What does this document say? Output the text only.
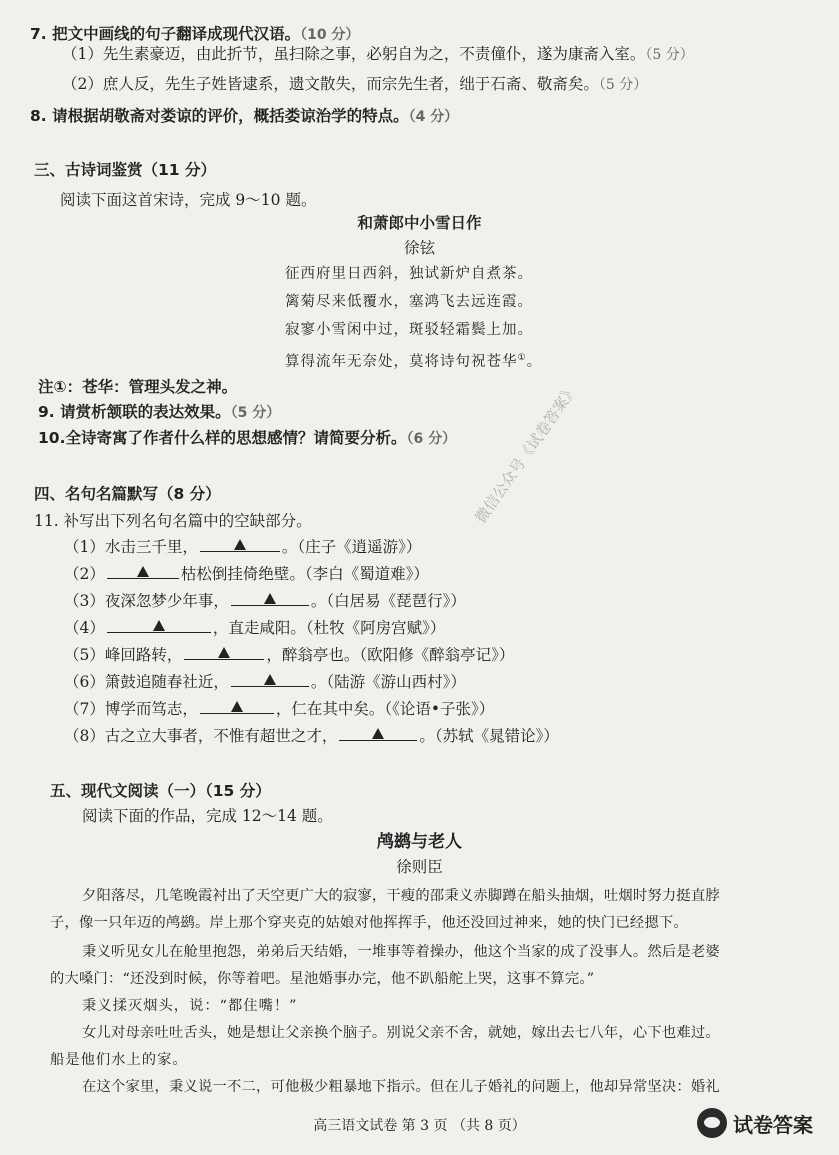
7. 把文中画线的句子翻译成现代汉语。（10 分）
（1）先生素豪迈，由此折节，虽扫除之事，必躬自为之，不责僮仆，遂为康斋入室。（5 分）
（2）庶人反，先生子姓皆逮系，遗文散失，而宗先生者，绌于石斋、敬斋矣。（5 分）
8. 请根据胡敬斋对娄谅的评价，概括娄谅治学的特点。（4 分）
三、古诗词鉴赏（11 分）
阅读下面这首宋诗，完成 9～10 题。
和萧郎中小雪日作
徐铉
征西府里日西斜，独试新炉自煮茶。
篱菊尽来低覆水，塞鸿飞去远连霞。
寂寥小雪闲中过，斑驳轻霜鬓上加。
算得流年无奈处，莫将诗句祝苍华①。
注①：苍华：管理头发之神。
9. 请赏析颔联的表达效果。（5 分）
10.全诗寄寓了作者什么样的思想感情？请简要分析。（6 分）
四、名句名篇默写（8 分）
11. 补写出下列名句名篇中的空缺部分。
（1）水击三千里，	。（庄子《逍遥游》）
（2）	枯松倒挂倚绝壁。（李白《蜀道难》）
（3）夜深忽梦少年事，	。（白居易《琵琶行》）
（4）	，直走咸阳。（杜牧《阿房宫赋》）
（5）峰回路转，	，醉翁亭也。（欧阳修《醉翁亭记》）
（6）箫鼓追随春社近，	。（陆游《游山西村》）
（7）博学而笃志，	，仁在其中矣。（《论语•子张》）
（8）古之立大事者，不惟有超世之才，	。（苏轼《晁错论》）
五、现代文阅读（一）（15 分）
阅读下面的作品，完成 12～14 题。
鸬鹚与老人
徐则臣
夕阳落尽，几笔晚霞衬出了天空更广大的寂寥，干瘦的邵秉义赤脚蹲在船头抽烟，吐烟时努力挺直脖
子，像一只年迈的鸬鹚。岸上那个穿夹克的姑娘对他挥挥手，他还没回过神来，她的快门已经摁下。
秉义听见女儿在舱里抱怨，弟弟后天结婚，一堆事等着操办，他这个当家的成了没事人。然后是老婆
的大嗓门：“还没到时候，你等着吧。星池婚事办完，他不趴船舵上哭，这事不算完。”
秉义揉灭烟头，说：“都住嘴！”
女儿对母亲吐吐舌头，她是想让父亲换个脑子。别说父亲不舍，就她，嫁出去七八年，心下也难过。
船是他们水上的家。
在这个家里，秉义说一不二，可他极少粗暴地下指示。但在儿子婚礼的问题上，他却异常坚决：婚礼
微信公众号《试卷答案》
高三语文试卷 第 3 页 （共 8 页）	试卷答案
